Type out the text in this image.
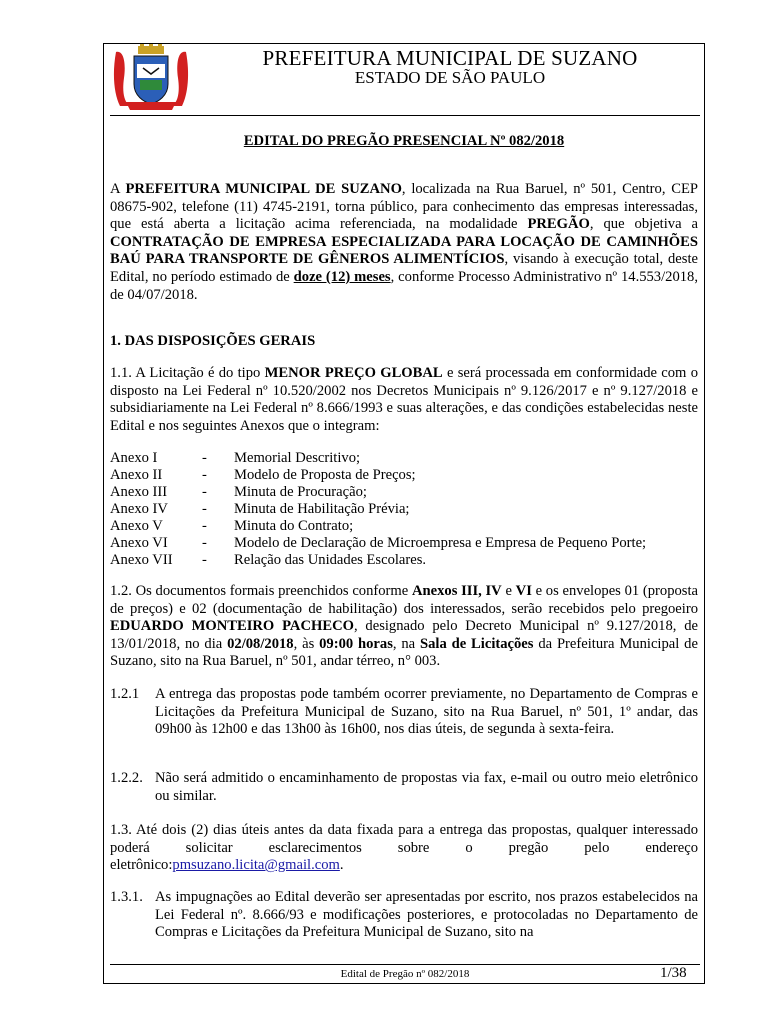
PREFEITURA MUNICIPAL DE SUZANO
ESTADO DE SÃO PAULO
EDITAL DO PREGÃO PRESENCIAL Nº 082/2018
A PREFEITURA MUNICIPAL DE SUZANO, localizada na Rua Baruel, nº 501, Centro, CEP 08675-902, telefone (11) 4745-2191, torna público, para conhecimento das empresas interessadas, que está aberta a licitação acima referenciada, na modalidade PREGÃO, que objetiva a CONTRATAÇÃO DE EMPRESA ESPECIALIZADA PARA LOCAÇÃO DE CAMINHÕES BAÚ PARA TRANSPORTE DE GÊNEROS ALIMENTÍCIOS, visando à execução total, deste Edital, no período estimado de doze (12) meses, conforme Processo Administrativo nº 14.553/2018, de 04/07/2018.
1. DAS DISPOSIÇÕES GERAIS
1.1. A Licitação é do tipo MENOR PREÇO GLOBAL e será processada em conformidade com o disposto na Lei Federal nº 10.520/2002 nos Decretos Municipais nº 9.126/2017 e nº 9.127/2018 e subsidiariamente na Lei Federal nº 8.666/1993 e suas alterações, e das condições estabelecidas neste Edital e nos seguintes Anexos que o integram:
Anexo I	- Memorial Descritivo;
Anexo II	- Modelo de Proposta de Preços;
Anexo III - Minuta de Procuração;
Anexo IV - Minuta de Habilitação Prévia;
Anexo V	- Minuta do Contrato;
Anexo VI - Modelo de Declaração de Microempresa e Empresa de Pequeno Porte;
Anexo VII - Relação das Unidades Escolares.
1.2. Os documentos formais preenchidos conforme Anexos III, IV e VI e os envelopes 01 (proposta de preços) e 02 (documentação de habilitação) dos interessados, serão recebidos pelo pregoeiro EDUARDO MONTEIRO PACHECO, designado pelo Decreto Municipal nº 9.127/2018, de 13/01/2018, no dia 02/08/2018, às 09:00 horas, na Sala de Licitações da Prefeitura Municipal de Suzano, sito na Rua Baruel, nº 501, andar térreo, n° 003.
1.2.1 A entrega das propostas pode também ocorrer previamente, no Departamento de Compras e Licitações da Prefeitura Municipal de Suzano, sito na Rua Baruel, nº 501, 1º andar, das 09h00 às 12h00 e das 13h00 às 16h00, nos dias úteis, de segunda à sexta-feira.
1.2.2. Não será admitido o encaminhamento de propostas via fax, e-mail ou outro meio eletrônico ou similar.
1.3. Até dois (2) dias úteis antes da data fixada para a entrega das propostas, qualquer interessado poderá solicitar esclarecimentos sobre o pregão pelo endereço eletrônico:pmsuzano.licita@gmail.com.
1.3.1. As impugnações ao Edital deverão ser apresentadas por escrito, nos prazos estabelecidos na Lei Federal nº. 8.666/93 e modificações posteriores, e protocoladas no Departamento de Compras e Licitações da Prefeitura Municipal de Suzano, sito na
Edital de Pregão nº 082/2018	1/38
